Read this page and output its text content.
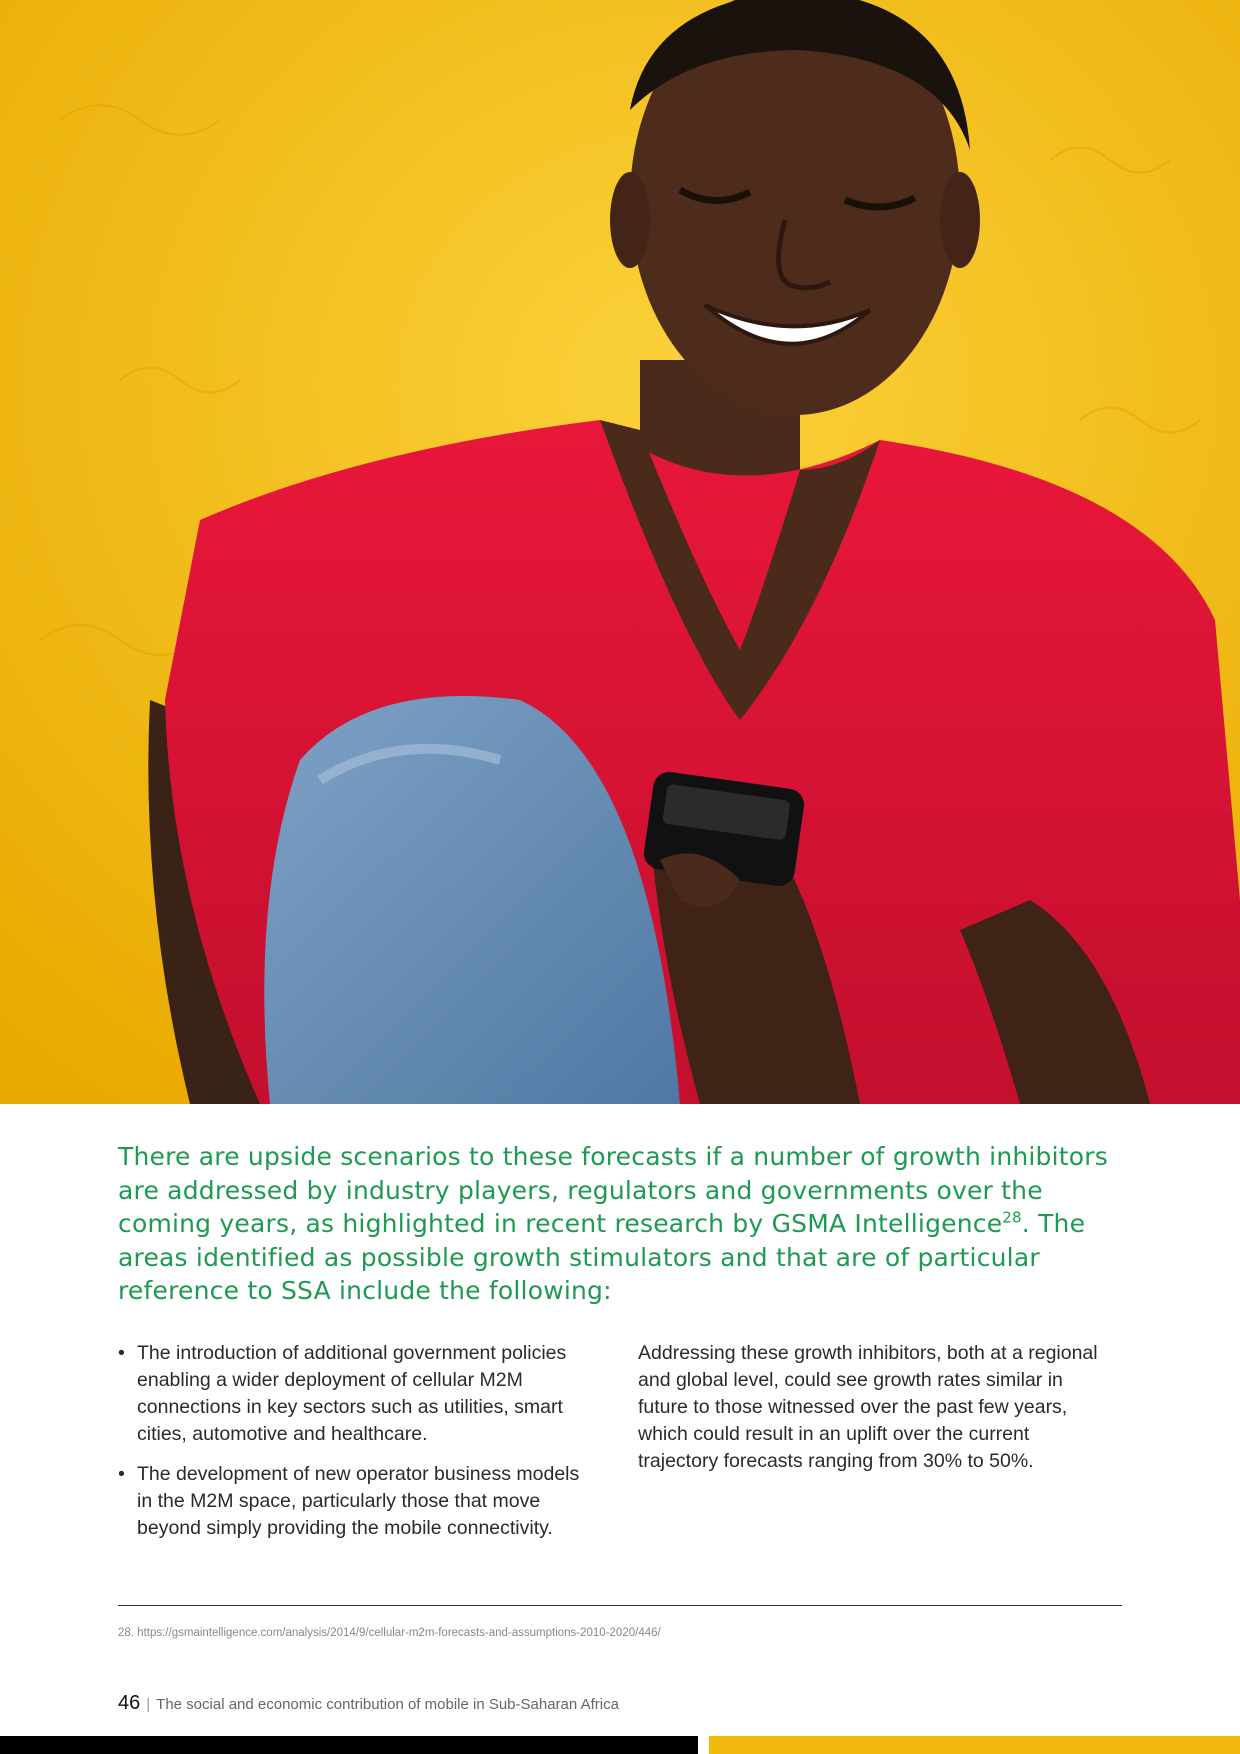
There are upside scenarios to these forecasts if a number of growth inhibitors are addressed by industry players, regulators and governments over the coming years, as highlighted in recent research by GSMA Intelligence$^{28}$. The areas identified as possible growth stimulators and that are of particular reference to SSA include the following:
• The introduction of additional government policies enabling a wider deployment of cellular M2M connections in key sectors such as utilities, smart cities, automotive and healthcare.
• The development of new operator business models in the M2M space, particularly those that move beyond simply providing the mobile connectivity.

Addressing these growth inhibitors, both at a regional and global level, could see growth rates similar in future to those witnessed over the past few years, which could result in an uplift over the current trajectory forecasts ranging from 30% to 50%.

28. https://gsmaintelligence.com/analysis/2014/9/cellular-m2m-forecasts-and-assumptions-2010-2020/446/
46 | The social and economic contribution of mobile in Sub-Saharan Africa
